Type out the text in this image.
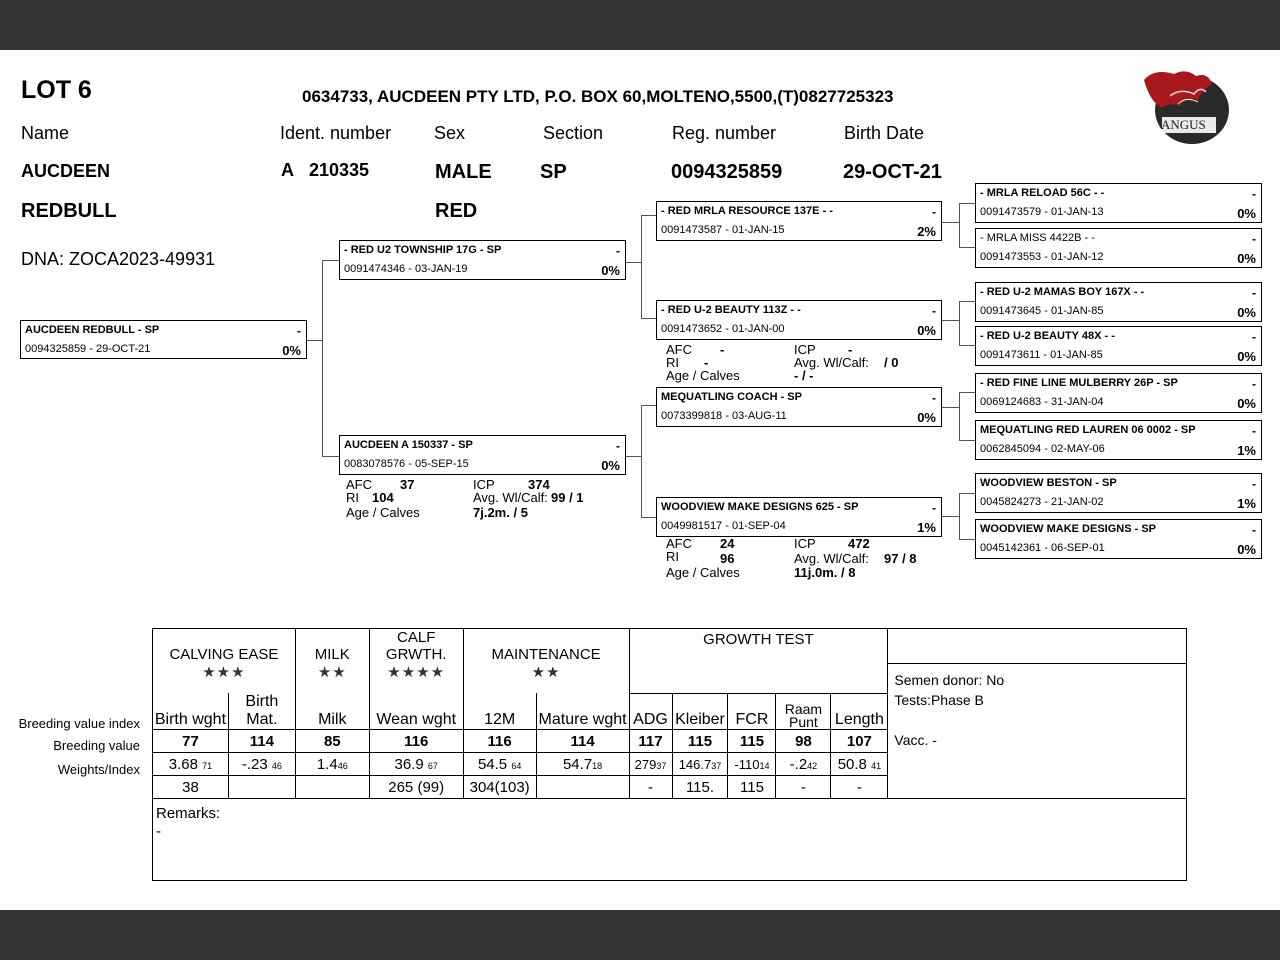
LOT 6	0634733, AUCDEEN PTY LTD, P.O. BOX 60,MOLTENO,5500,(T)0827725323
ANGUS
Name	Ident. number Sex	Section	Reg. number	Birth Date
AUCDEEN
REDBULL
A 210335	MALE
RED
SP	0094325859	29-OCT-21
DNA: ZOCA2023-49931
AUCDEEN REDBULL - SP	-
0094325859 - 29-OCT-21	0%
- RED U2 TOWNSHIP 17G - SP	-
0091474346 - 03-JAN-19	0%
AUCDEEN A 150337 - SP	-
0083078576 - 05-SEP-15	0%
- RED MRLA RESOURCE 137E - -	-
0091473587 - 01-JAN-15	2%
- RED U-2 BEAUTY 113Z - -	-
0091473652 - 01-JAN-00	0%
MEQUATLING COACH - SP	-
0073399818 - 03-AUG-11	0%
WOODVIEW MAKE DESIGNS 625 - SP	-
0049981517 - 01-SEP-04	1%
- MRLA RELOAD 56C - -	-
0091473579 - 01-JAN-13	0%
- MRLA MISS 4422B - -	-
0091473553 - 01-JAN-12	0%
- RED U-2 MAMAS BOY 167X - -	-
0091473645 - 01-JAN-85	0%
- RED U-2 BEAUTY 48X - -	-
0091473611 - 01-JAN-85	0%
- RED FINE LINE MULBERRY 26P - SP	-
0069124683 - 31-JAN-04	0%
MEQUATLING RED LAUREN 06 0002 - SP	-
0062845094 - 02-MAY-06	1%
WOODVIEW BESTON - SP	-
0045824273 - 21-JAN-02	1%
WOODVIEW MAKE DESIGNS - SP	-
0045142361 - 06-SEP-01	0%
AFC -	ICP -
RI -	Avg. Wl/Calf: / 0
Age / Calves	- / -
AFC 37	ICP	374
RI 104	Avg. Wl/Calf: 99 / 1
Age / Calves	7j.2m. / 5
AFC 24	ICP 472
RI	96	Avg. Wl/Calf: 97 / 8
Age / Calves	11j.0m. / 8
Breeding value index
Breeding value
Weights/Index
CALVING EASE		MILK	CALF GRWTH.	MAINTENANCE		GROWTH TEST					
★★★		★★	★★★★	★★							Semen donor: No
Tests:Phase B

Birth wght	Birth Mat.	Milk	Wean wght	12M	Mature wght	ADG	Kleiber	FCR	Raam Punt	Length	
77	114	85	116	116	114	117	115	115	98	107	Vacc. -
3.68 71	-.23 46	1.446	36.9 67	54.5 64	54.718	27937	146.737	-11014	-.242	50.8 41	
38			265 (99)	304(103)		-	115.	115	-	-	

Remarks:
-											
